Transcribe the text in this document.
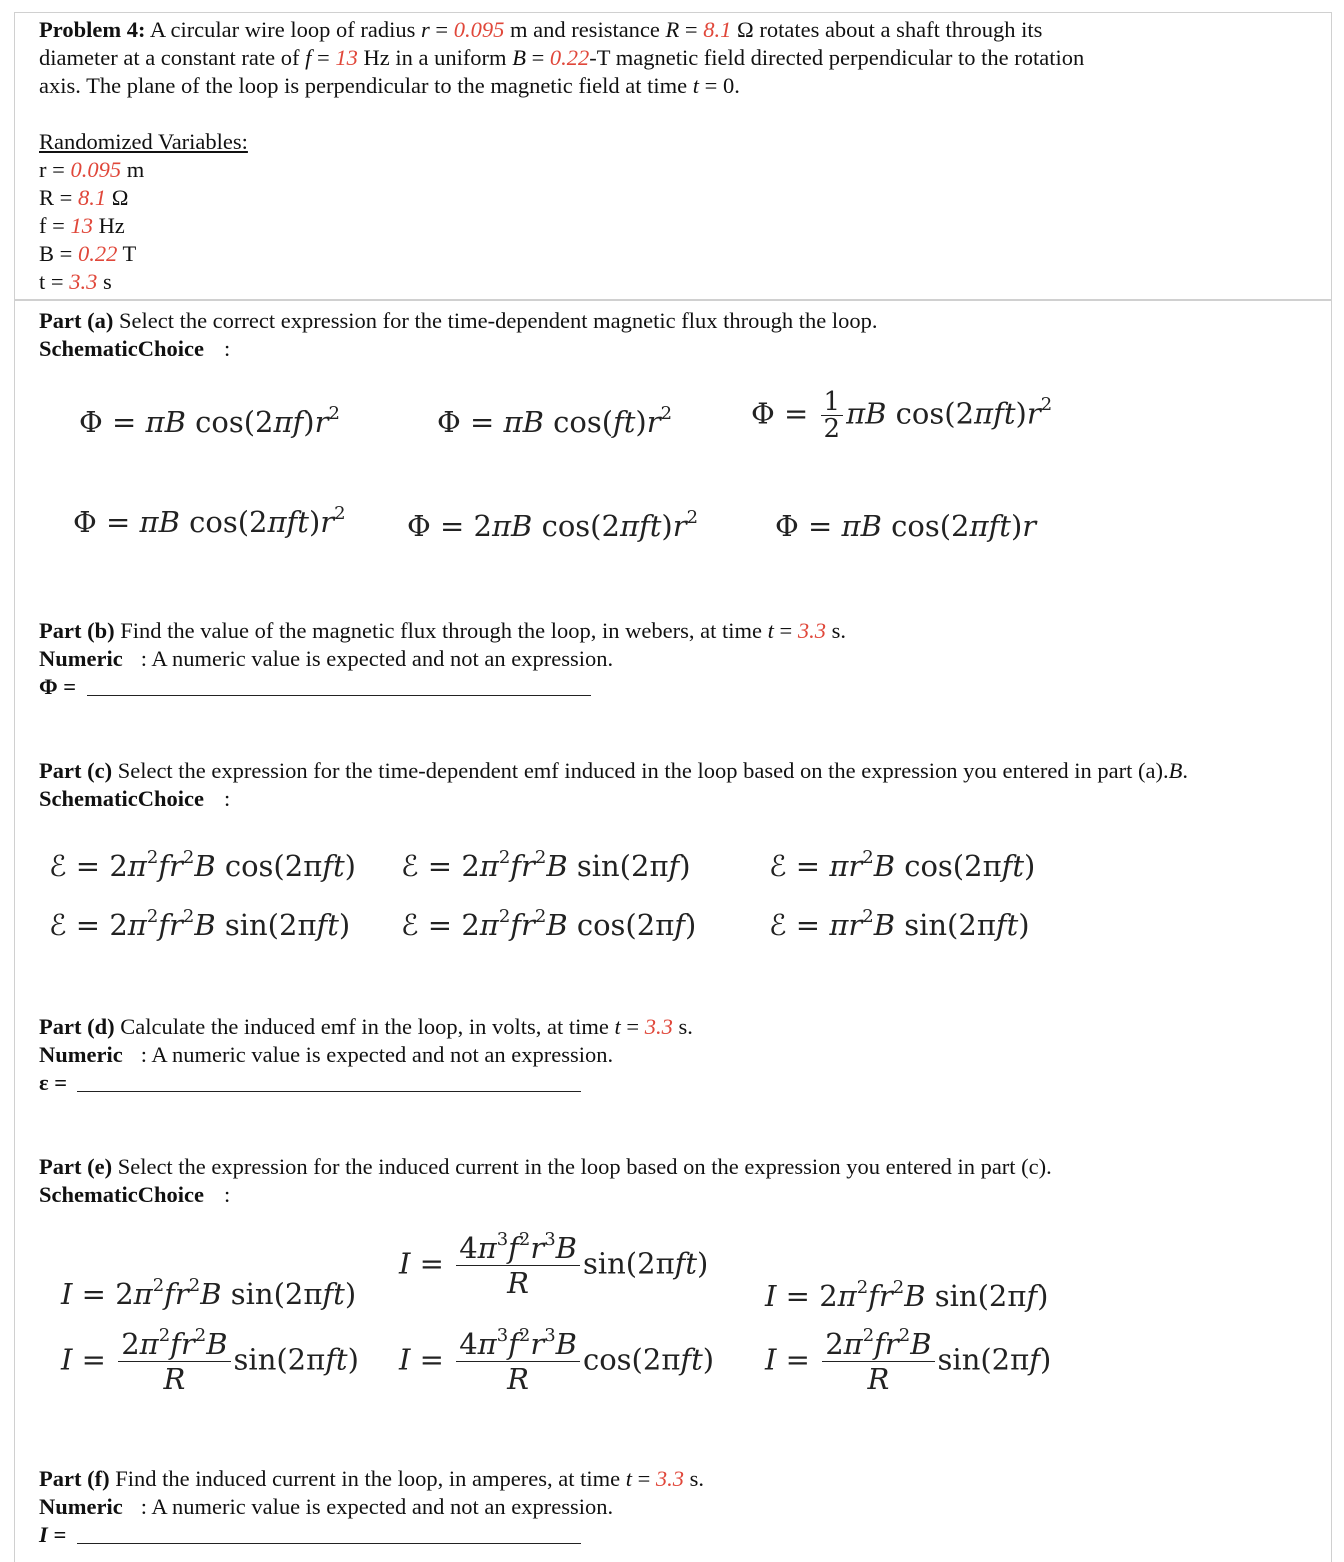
Problem 4: A circular wire loop of radius r = 0.095 m and resistance R = 8.1 Ω rotates about a shaft through its
diameter at a constant rate of f = 13 Hz in a uniform B = 0.22-T magnetic field directed perpendicular to the rotation
axis. The plane of the loop is perpendicular to the magnetic field at time t = 0.
Randomized Variables:
r = 0.095 m
R = 8.1 Ω
f = 13 Hz
B = 0.22 T
t = 3.3 s
Part (a) Select the correct expression for the time-dependent magnetic flux through the loop.
SchematicChoice :
Φ = πB $\cos(2\pi f)r^2$	Φ = πB $\cos(ft)r^2$	$\Phi = \frac{1}{2}$ πB $\cos(2\pi ft)r^2$
Φ = πB $\cos(2\pi ft)r^2$ Φ = 2πB $\cos(2\pi ft)r^2$	Φ = πB cos(2πft)r
Part (b) Find the value of the magnetic flux through the loop, in webers, at time t = 3.3 s.
Numeric : A numeric value is expected and not an expression.
Φ =
Part (c) Select the expression for the time-dependent emf induced in the loop based on the expression you entered in part (a).B.
SchematicChoice :
ℰ = $2\pi^2fr^2B$ cos(2πft) ℰ = $2\pi^2fr^2B$ sin(2πf)	ℰ = $\pi r^2B$ cos(2πft)
ℰ = $2\pi^2fr^2B$ sin(2πft) ℰ = $2\pi^2fr^2B$ cos(2πf)	ℰ = $\pi r^2B$ sin(2πft)
Part (d) Calculate the induced emf in the loop, in volts, at time t = 3.3 s.
Numeric : A numeric value is expected and not an expression.
ε =
Part (e) Select the expression for the induced current in the loop based on the expression you entered in part (c).
SchematicChoice :
$I = 2\pi^2fr^2B$ sin(2πft)
$I = \frac{4\pi^3f^2r^3B}{R} \sin(2\pi ft)$
$I = 2\pi^2fr^2B$ sin(2πf)
$I = \frac{2\pi^2fr^2B}{R} \sin(2\pi ft) I = \frac{4\pi^3f^2r^3B}{R} \cos(2\pi ft) I = \frac{2\pi^2fr^2B}{R} \sin(2\pi f)$
Part (f) Find the induced current in the loop, in amperes, at time t = 3.3 s.
Numeric : A numeric value is expected and not an expression.
I =
